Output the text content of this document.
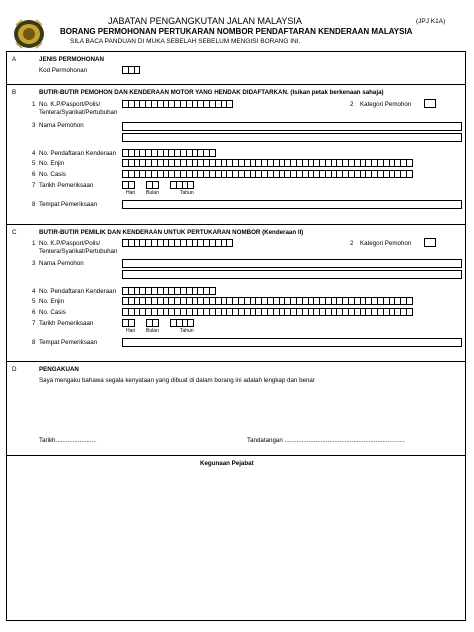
JABATAN PENGANGKUTAN JALAN MALAYSIA	(JPJ K1A)
BORANG PERMOHONAN PERTUKARAN NOMBOR PENDAFTARAN KENDERAAN MALAYSIA
SILA BACA PANDUAN DI MUKA SEBELAH SEBELUM MENGISI BORANG INI.
A	JENIS PERMOHONAN
Kod Permohonan
B	BUTIR-BUTIR PEMOHON DAN KENDERAAN MOTOR YANG HENDAK DIDAFTARKAN. (Isikan petak berkenaan sahaja)
1 No. K.P/Pasport/Polis/
Tentera/Syarikat/Pertubuhan
2 Kategori Pemohon
3 Nama Pemohon
4 No. Pendaftaran Kenderaan
5 No. Enjin
6 No. Casis
7 Tarikh Pemeriksaan
Hari Bulan	Tahun
8 Tempat Pemeriksaan
C	BUTIR-BUTIR PEMILIK DAN KENDERAAN UNTUK PERTUKARAN NOMBOR (Kenderaan II)
1 No. K.P/Pasport/Polis/
Tentera/Syarikat/Pertubuhan
2 Kategori Pemohon
3 Nama Pemohon
4 No. Pendaftaran Kenderaan
5 No. Enjin
6 No. Casis
7 Tarikh Pemeriksaan
Hari Bulan	Tahun
8 Tempat Pemeriksaan
D	PENGAKUAN
Saya mengaku bahawa segala kenyataan yang dibuat di dalam borang ini adalah lengkap dan benar
Tarikh........................	Tandatangan ......................................................................
Kegunaan Pejabat
